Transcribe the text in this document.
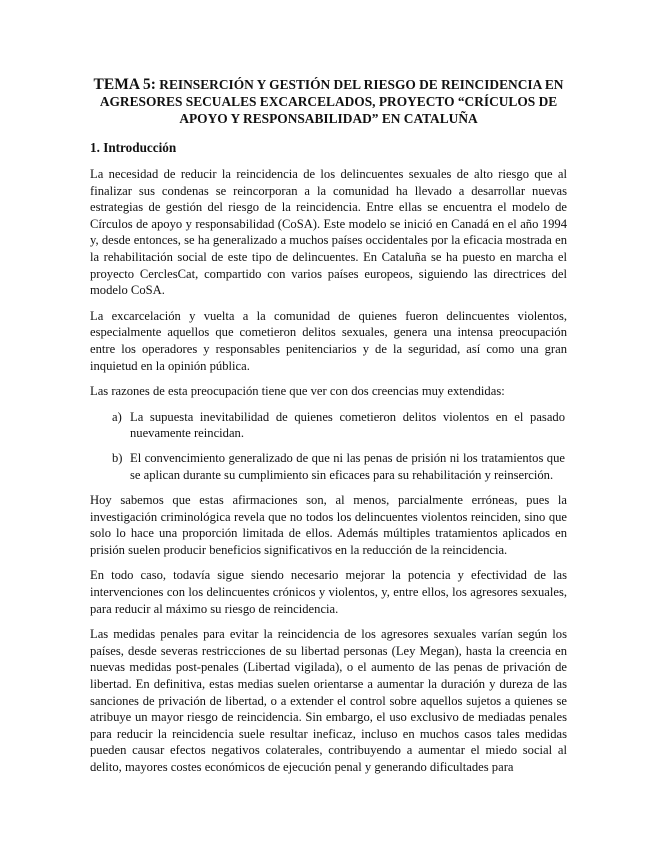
TEMA 5: REINSERCIÓN Y GESTIÓN DEL RIESGO DE REINCIDENCIA EN AGRESORES SECUALES EXCARCELADOS, PROYECTO “CRÍCULOS DE APOYO Y RESPONSABILIDAD” EN CATALUÑA
1. Introducción

La necesidad de reducir la reincidencia de los delincuentes sexuales de alto riesgo que al finalizar sus condenas se reincorporan a la comunidad ha llevado a desarrollar nuevas estrategias de gestión del riesgo de la reincidencia. Entre ellas se encuentra el modelo de Círculos de apoyo y responsabilidad (CoSA). Este modelo se inició en Canadá en el año 1994 y, desde entonces, se ha generalizado a muchos países occidentales por la eficacia mostrada en la rehabilitación social de este tipo de delincuentes. En Cataluña se ha puesto en marcha el proyecto CerclesCat, compartido con varios países europeos, siguiendo las directrices del modelo CoSA.

La excarcelación y vuelta a la comunidad de quienes fueron delincuentes violentos, especialmente aquellos que cometieron delitos sexuales, genera una intensa preocupación entre los operadores y responsables penitenciarios y de la seguridad, así como una gran inquietud en la opinión pública.

Las razones de esta preocupación tiene que ver con dos creencias muy extendidas:

a) La supuesta inevitabilidad de quienes cometieron delitos violentos en el pasado nuevamente reincidan.
b) El convencimiento generalizado de que ni las penas de prisión ni los tratamientos que se aplican durante su cumplimiento sin eficaces para su rehabilitación y reinserción.

Hoy sabemos que estas afirmaciones son, al menos, parcialmente erróneas, pues la investigación criminológica revela que no todos los delincuentes violentos reinciden, sino que solo lo hace una proporción limitada de ellos. Además múltiples tratamientos aplicados en prisión suelen producir beneficios significativos en la reducción de la reincidencia.

En todo caso, todavía sigue siendo necesario mejorar la potencia y efectividad de las intervenciones con los delincuentes crónicos y violentos, y, entre ellos, los agresores sexuales, para reducir al máximo su riesgo de reincidencia.

Las medidas penales para evitar la reincidencia de los agresores sexuales varían según los países, desde severas restricciones de su libertad personas (Ley Megan), hasta la creencia en nuevas medidas post-penales (Libertad vigilada), o el aumento de las penas de privación de libertad. En definitiva, estas medias suelen orientarse a aumentar la duración y dureza de las sanciones de privación de libertad, o a extender el control sobre aquellos sujetos a quienes se atribuye un mayor riesgo de reincidencia. Sin embargo, el uso exclusivo de mediadas penales para reducir la reincidencia suele resultar ineficaz, incluso en muchos casos tales medidas pueden causar efectos negativos colaterales, contribuyendo a aumentar el miedo social al delito, mayores costes económicos de ejecución penal y generando dificultades para
